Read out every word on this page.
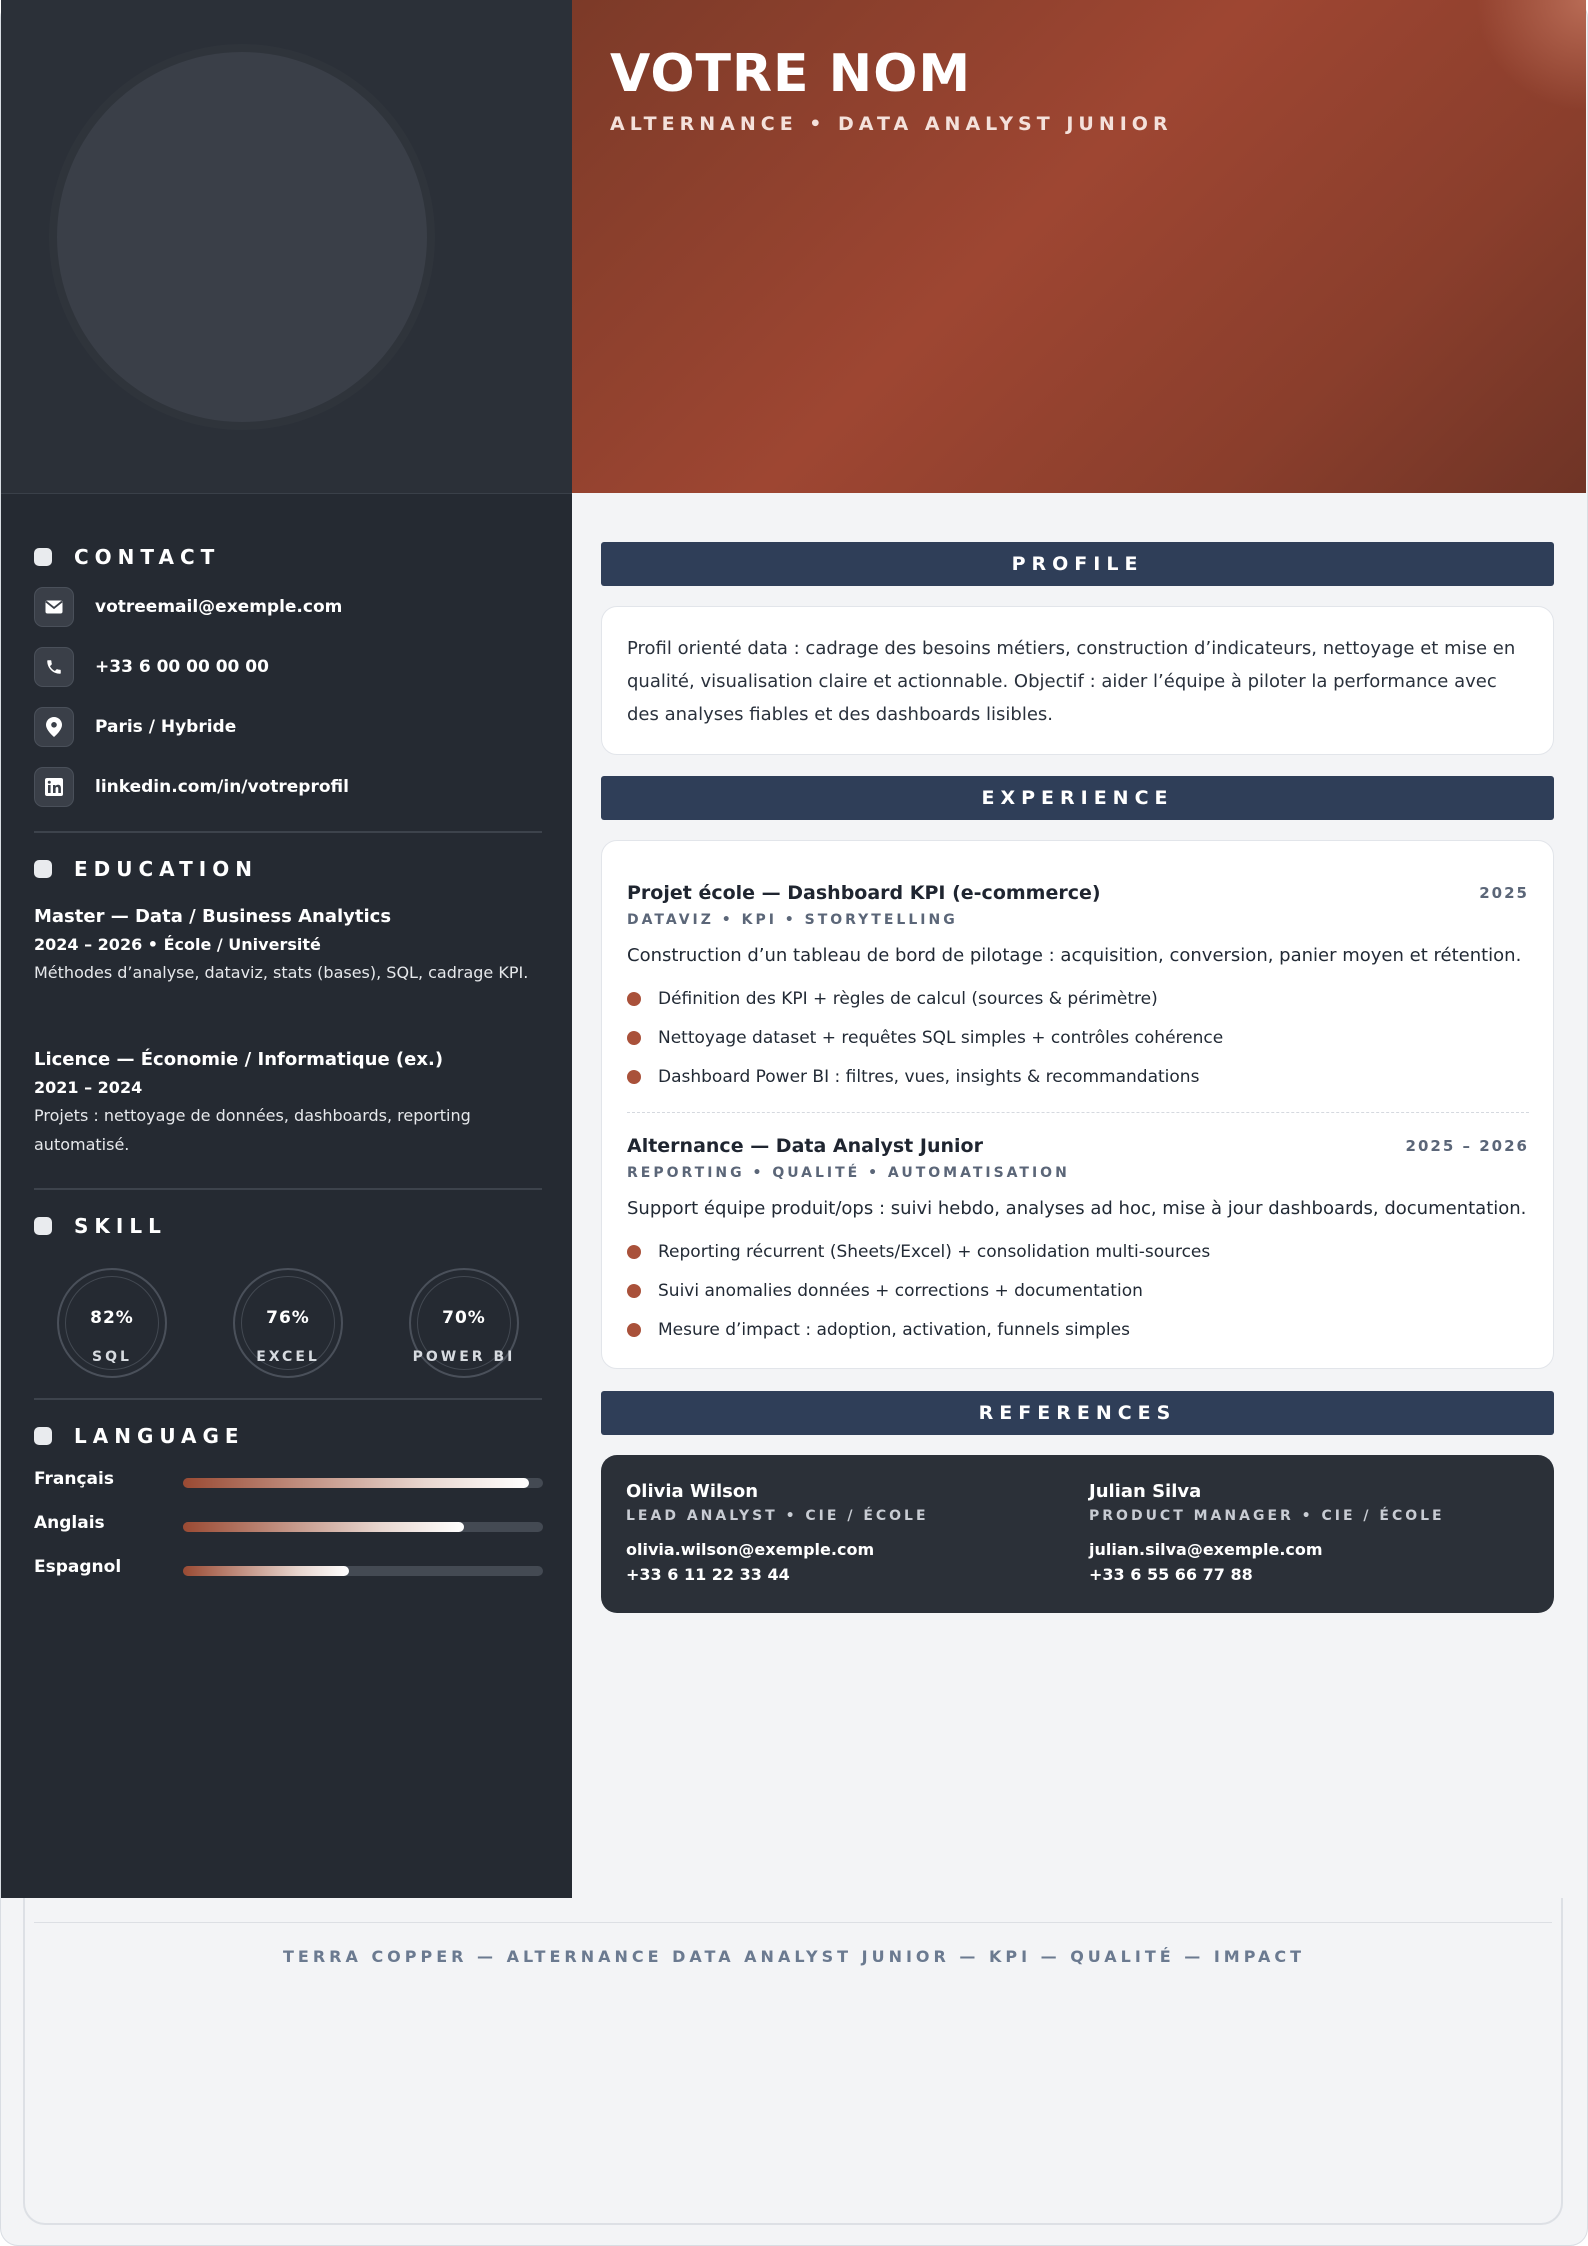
CONTACT
votreemail@exemple.com
+33 6 00 00 00 00
Paris / Hybride
linkedin.com/in/votreprofil
EDUCATION
Master — Data / Business Analytics
2024 – 2026 • École / Université
Méthodes d’analyse, dataviz, stats (bases), SQL, cadrage KPI.
Licence — Économie / Informatique (ex.)
2021 – 2024
Projets : nettoyage de données, dashboards, reporting automatisé.
SKILL
82%
SQL
76%
EXCEL
70%
POWER BI
LANGUAGE
Français
Anglais
Espagnol
VOTRE NOM
ALTERNANCE • DATA ANALYST JUNIOR
PROFILE
Profil orienté data : cadrage des besoins métiers, construction d’indicateurs, nettoyage et mise en qualité, visualisation claire et actionnable. Objectif : aider l’équipe à piloter la performance avec des analyses fiables et des dashboards lisibles.
EXPERIENCE
Projet école — Dashboard KPI (e-commerce)	2025
DATAVIZ • KPI • STORYTELLING
Construction d’un tableau de bord de pilotage : acquisition, conversion, panier moyen et rétention.
Définition des KPI + règles de calcul (sources & périmètre)
Nettoyage dataset + requêtes SQL simples + contrôles cohérence
Dashboard Power BI : filtres, vues, insights & recommandations
Alternance — Data Analyst Junior	2025 – 2026
REPORTING • QUALITÉ • AUTOMATISATION
Support équipe produit/ops : suivi hebdo, analyses ad hoc, mise à jour dashboards, documentation.
Reporting récurrent (Sheets/Excel) + consolidation multi-sources
Suivi anomalies données + corrections + documentation
Mesure d’impact : adoption, activation, funnels simples
REFERENCES
Olivia Wilson
LEAD ANALYST • CIE / ÉCOLE
olivia.wilson@exemple.com
+33 6 11 22 33 44
Julian Silva
PRODUCT MANAGER • CIE / ÉCOLE
julian.silva@exemple.com
+33 6 55 66 77 88
TERRA COPPER — ALTERNANCE DATA ANALYST JUNIOR — KPI — QUALITÉ — IMPACT
